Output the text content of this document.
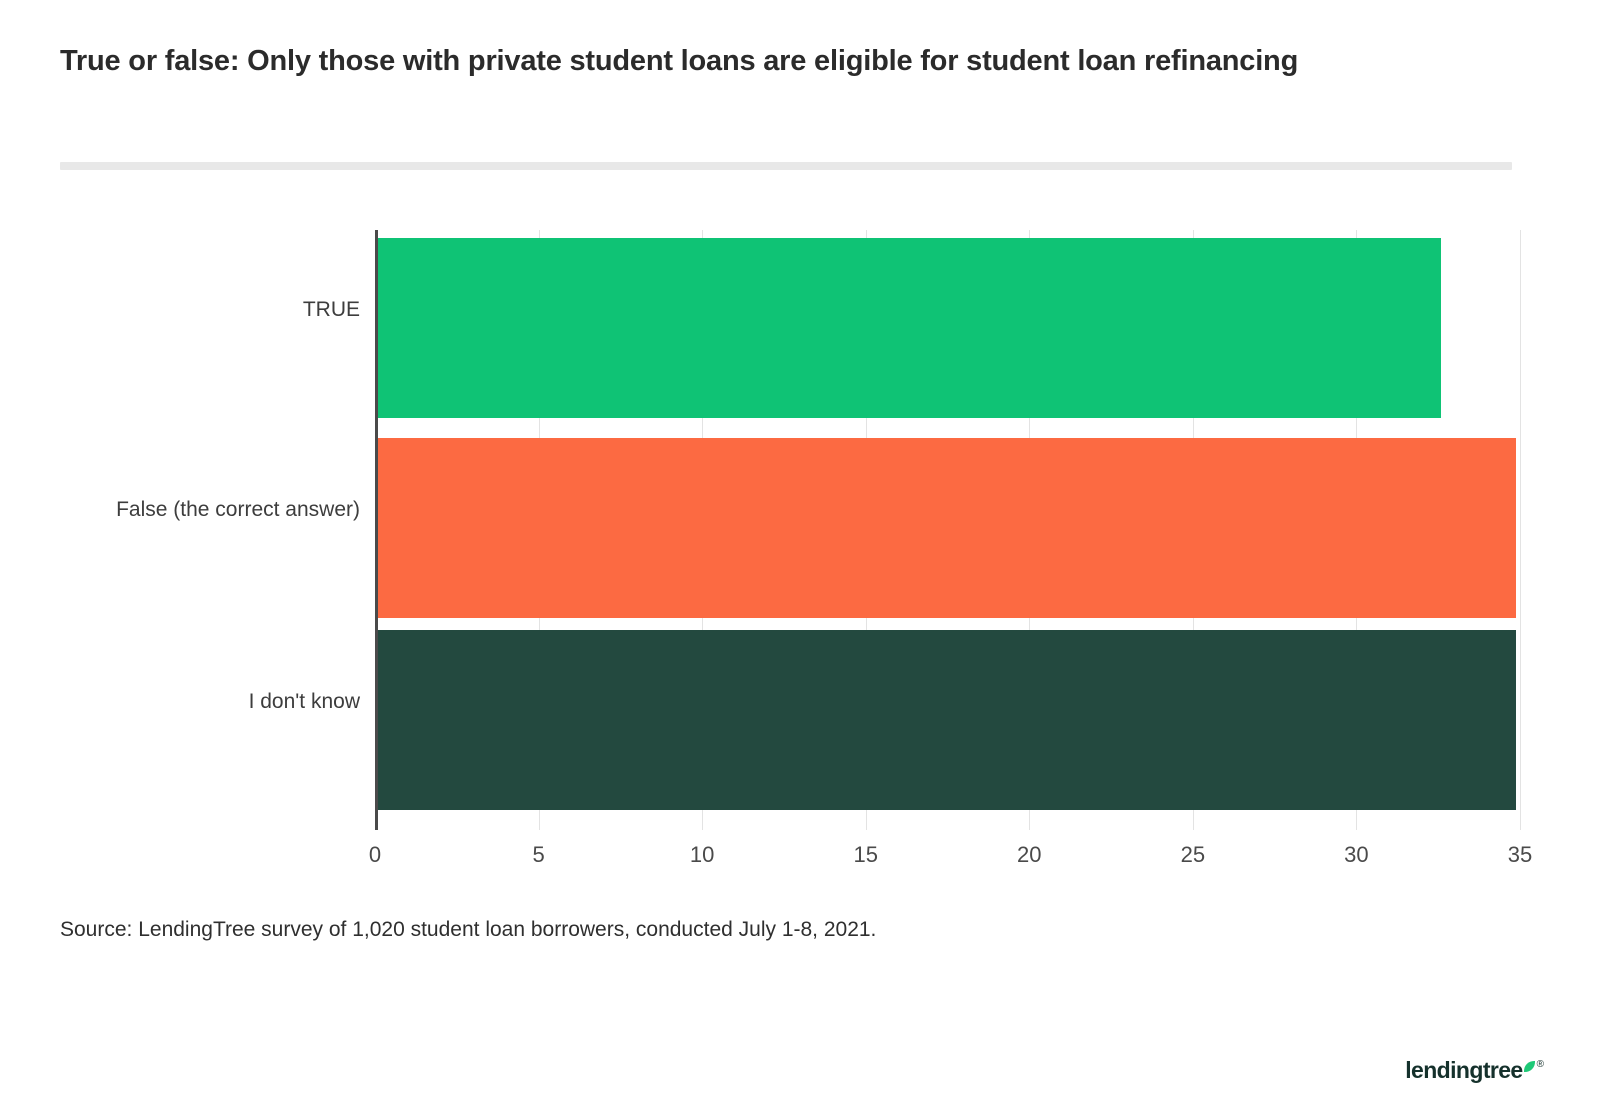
True or false: Only those with private student loans are eligible for student loan refinancing
TRUE
False (the correct answer)
I don't know
0	5	10	15	20	25	30	35
Source: LendingTree survey of 1,020 student loan borrowers, conducted July 1-8, 2021.
lendingtree ®
